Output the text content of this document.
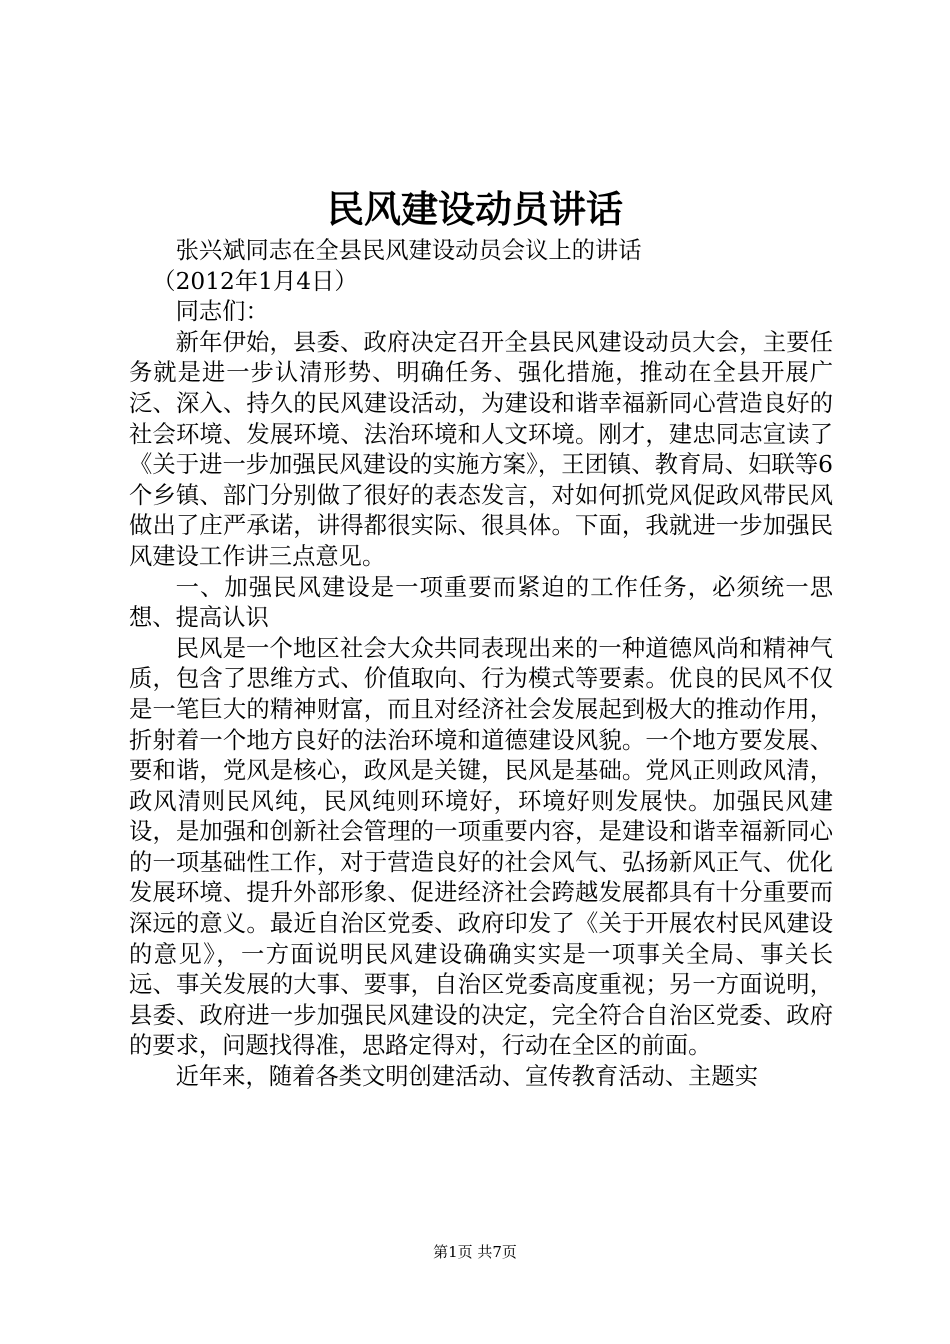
民风建设动员讲话

张兴斌同志在全县民风建设动员会议上的讲话

（2012年1月4日）

同志们：

新年伊始，县委、政府决定召开全县民风建设动员大会，主要任务就是进一步认清形势、明确任务、强化措施，推动在全县开展广泛、深入、持久的民风建设活动，为建设和谐幸福新同心营造良好的社会环境、发展环境、法治环境和人文环境。刚才，建忠同志宣读了《关于进一步加强民风建设的实施方案》，王团镇、教育局、妇联等6个乡镇、部门分别做了很好的表态发言，对如何抓党风促政风带民风做出了庄严承诺，讲得都很实际、很具体。下面，我就进一步加强民风建设工作讲三点意见。

一、加强民风建设是一项重要而紧迫的工作任务，必须统一思想、提高认识

民风是一个地区社会大众共同表现出来的一种道德风尚和精神气质，包含了思维方式、价值取向、行为模式等要素。优良的民风不仅是一笔巨大的精神财富，而且对经济社会发展起到极大的推动作用，折射着一个地方良好的法治环境和道德建设风貌。一个地方要发展、要和谐，党风是核心，政风是关键，民风是基础。党风正则政风清，政风清则民风纯，民风纯则环境好，环境好则发展快。加强民风建设，是加强和创新社会管理的一项重要内容，是建设和谐幸福新同心的一项基础性工作，对于营造良好的社会风气、弘扬新风正气、优化发展环境、提升外部形象、促进经济社会跨越发展都具有十分重要而深远的意义。最近自治区党委、政府印发了《关于开展农村民风建设的意见》，一方面说明民风建设确确实实是一项事关全局、事关长远、事关发展的大事、要事，自治区党委高度重视；另一方面说明，县委、政府进一步加强民风建设的决定，完全符合自治区党委、政府的要求，问题找得准，思路定得对，行动在全区的前面。

近年来，随着各类文明创建活动、宣传教育活动、主题实

第1页 共7页
